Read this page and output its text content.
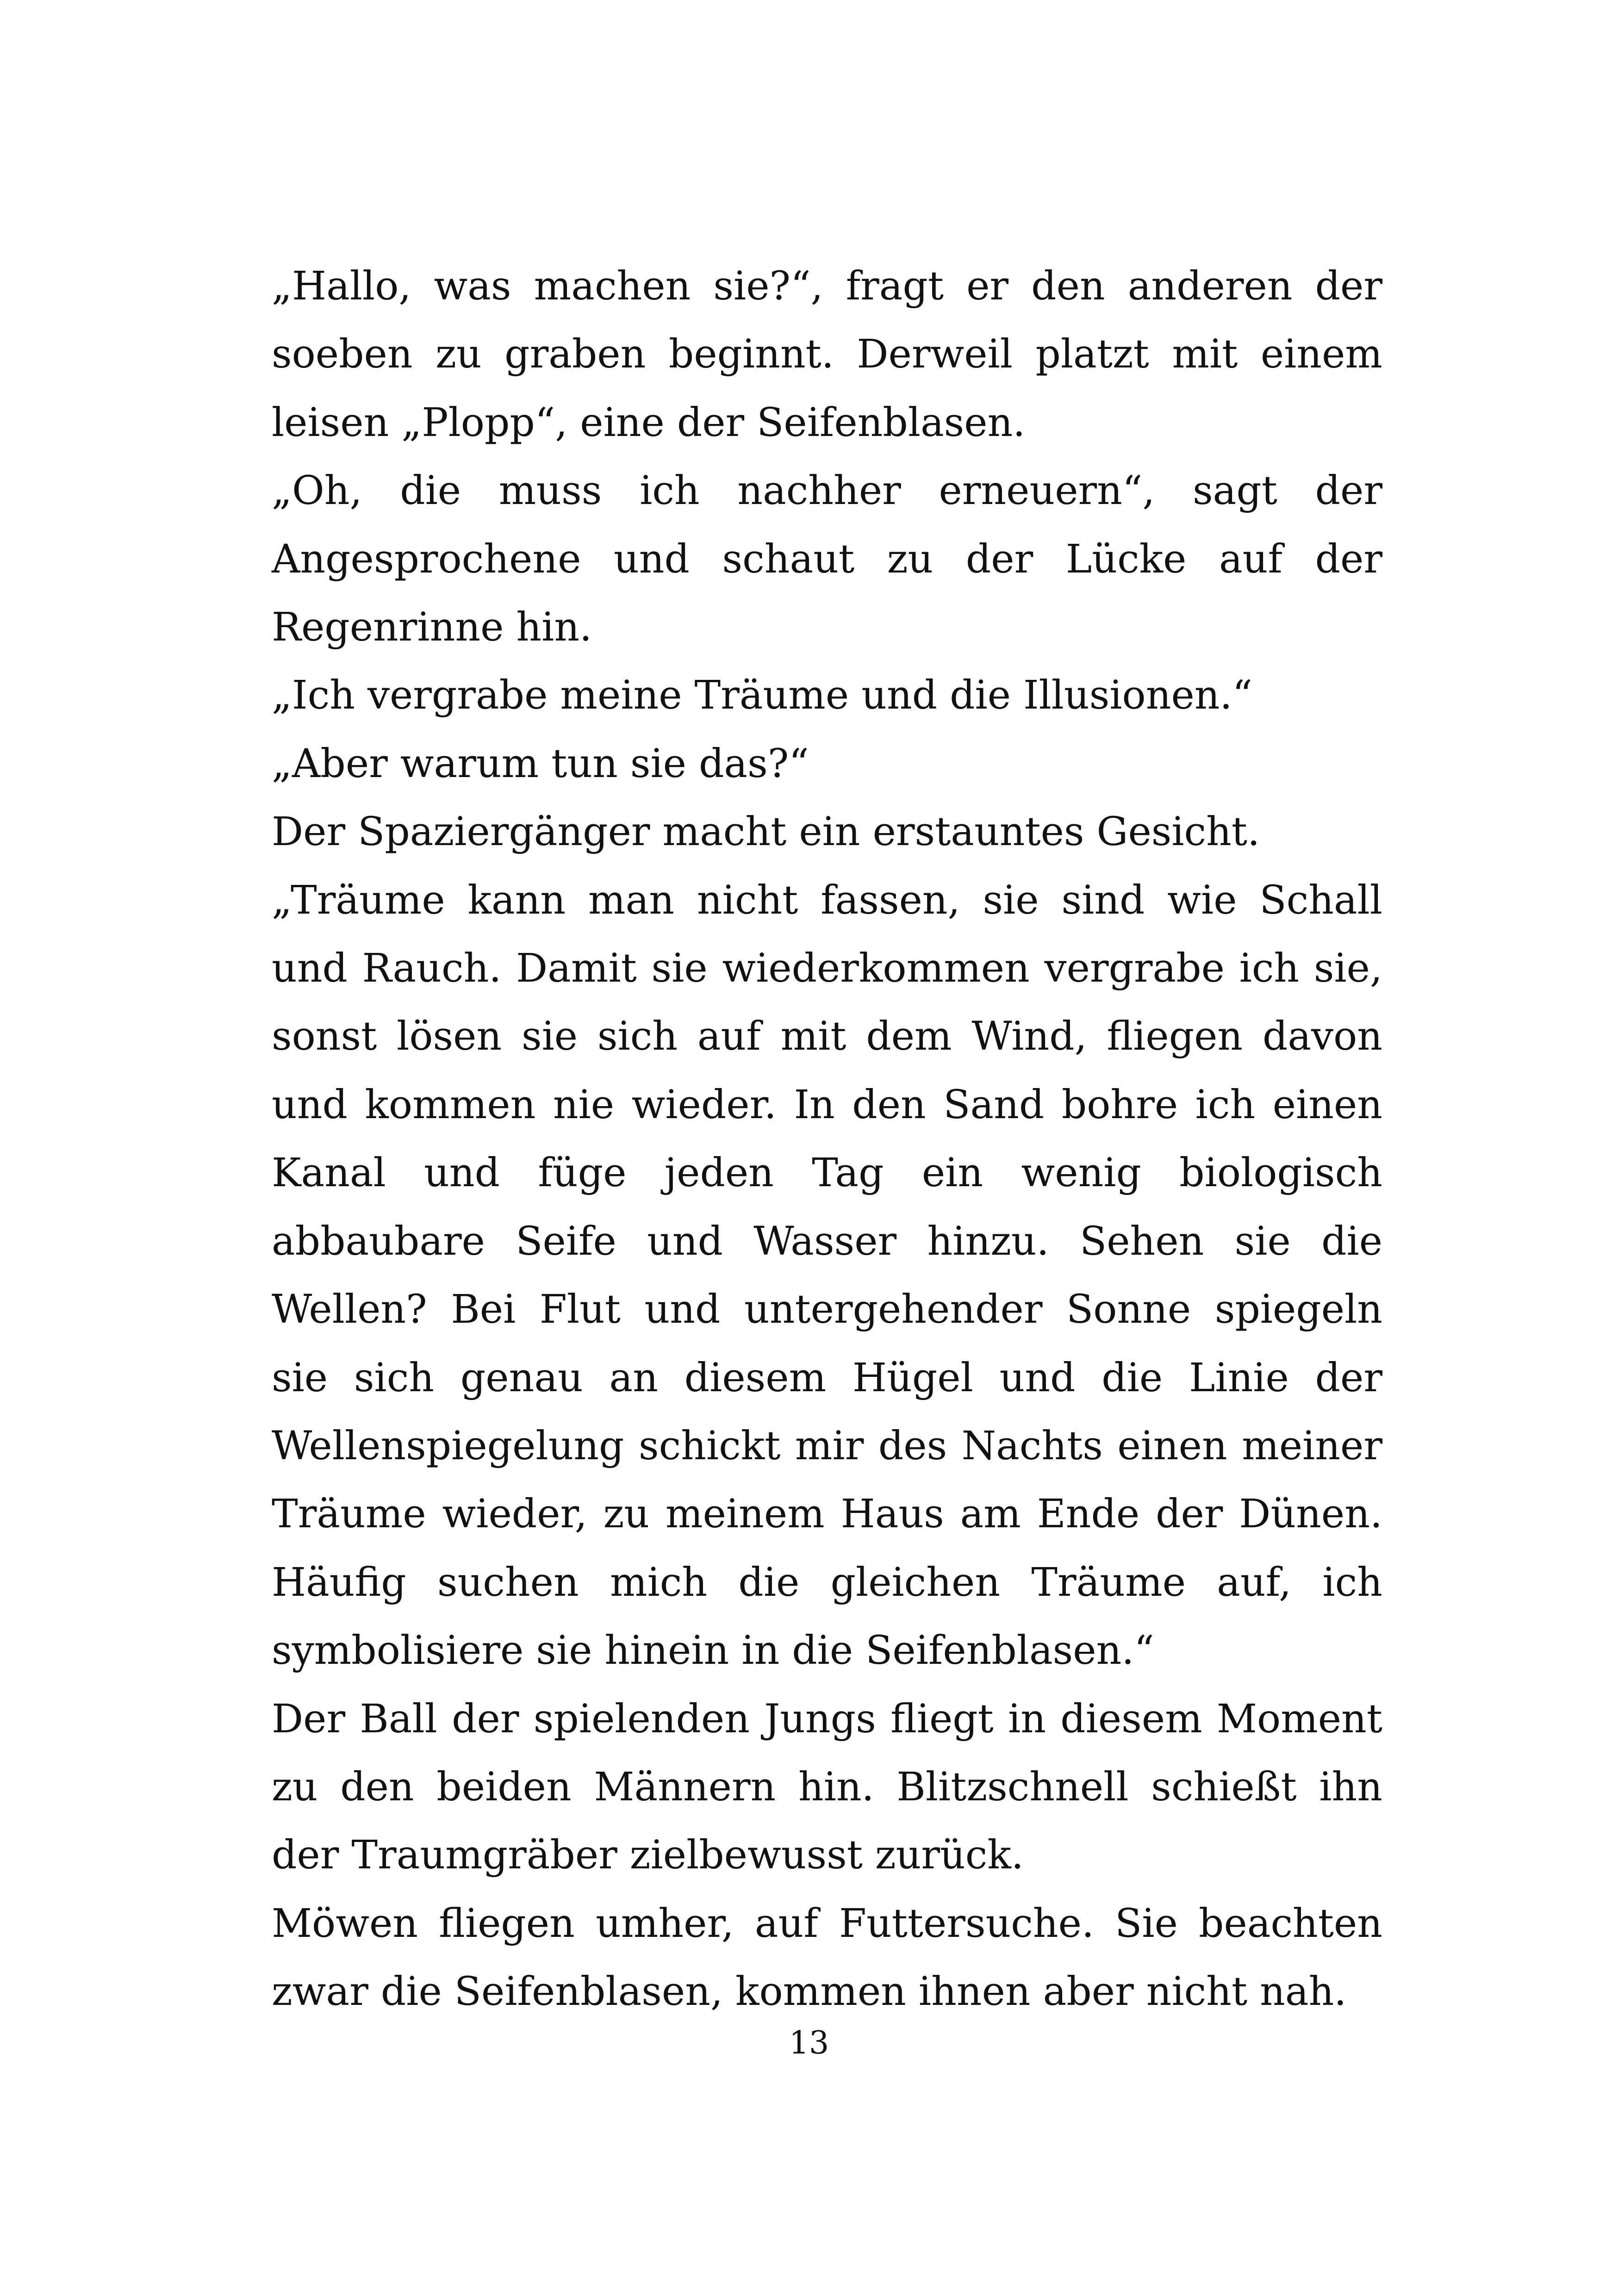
„Hallo, was machen sie?“, fragt er den anderen der soeben zu graben beginnt. Derweil platzt mit einem leisen „Plopp“, eine der Seifenblasen.

„Oh, die muss ich nachher erneuern“, sagt der Angesprochene und schaut zu der Lücke auf der Regenrinne hin.

„Ich vergrabe meine Träume und die Illusionen.“

„Aber warum tun sie das?“

Der Spaziergänger macht ein erstauntes Gesicht.

„Träume kann man nicht fassen, sie sind wie Schall und Rauch. Damit sie wiederkommen vergrabe ich sie, sonst lösen sie sich auf mit dem Wind, fliegen davon und kommen nie wieder. In den Sand bohre ich einen Kanal und füge jeden Tag ein wenig biologisch abbaubare Seife und Wasser hinzu. Sehen sie die Wellen? Bei Flut und untergehender Sonne spiegeln sie sich genau an diesem Hügel und die Linie der Wellenspiegelung schickt mir des Nachts einen meiner Träume wieder, zu meinem Haus am Ende der Dünen. Häufig suchen mich die gleichen Träume auf, ich symbolisiere sie hinein in die Seifenblasen.“

Der Ball der spielenden Jungs fliegt in diesem Moment zu den beiden Männern hin. Blitzschnell schießt ihn der Traumgräber zielbewusst zurück.

Möwen fliegen umher, auf Futtersuche. Sie beachten zwar die Seifenblasen, kommen ihnen aber nicht nah.

13
